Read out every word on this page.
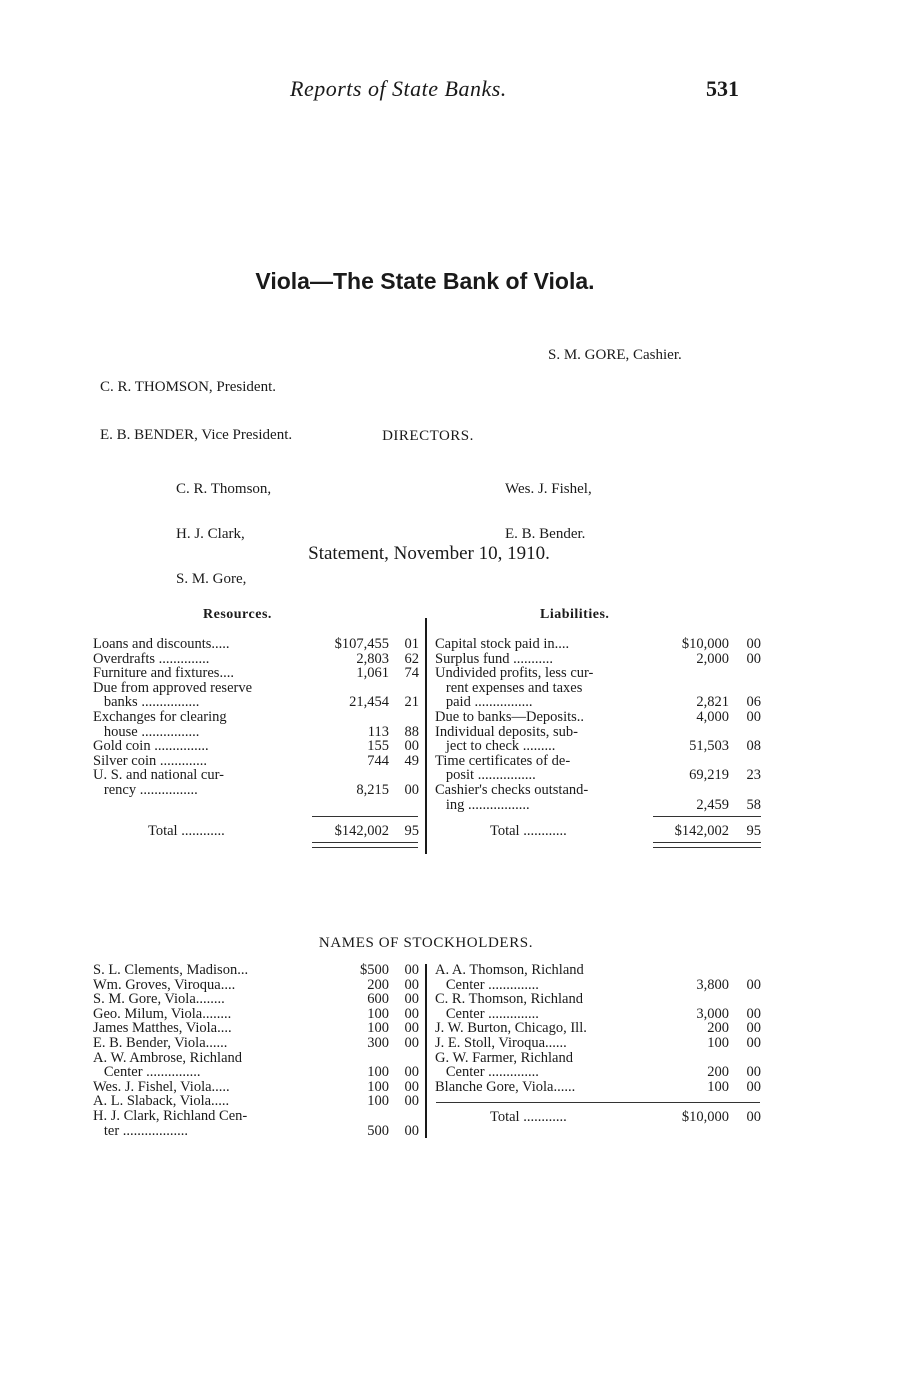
Reports of State Banks.	531
Viola—The State Bank of Viola.

C. R. THOMSON, President.

E. B. BENDER, Vice President.

S. M. GORE, Cashier.
DIRECTORS.

C. R. Thomson,

H. J. Clark,

S. M. Gore,

Wes. J. Fishel,

E. B. Bender.

Statement, November 10, 1910.
Resources.	Liabilities.
Loans and discounts.....	$107,455	01
Overdrafts ..............	2,803	62
Furniture and fixtures....	1,061	74
Due from approved reserve
banks ................	21,454	21
Exchanges for clearing
house ................	113	88
Gold coin ...............	155	00
Silver coin .............	744	49
U. S. and national cur-
rency ................	8,215	00
Capital stock paid in....	$10,000	00
Surplus fund ...........	2,000	00
Undivided profits, less cur-
rent expenses and taxes
paid ................	2,821	06
Due to banks—Deposits..	4,000	00
Individual deposits, sub-
ject to check .........	51,503	08
Time certificates of de-
posit ................	69,219	23
Cashier's checks outstand-
ing .................	2,459	58
Total ............	$142,002	95	Total ............	$142,002	95
NAMES OF STOCKHOLDERS.
S. L. Clements, Madison...	$500	00
Wm. Groves, Viroqua....	200	00
S. M. Gore, Viola........	600	00
Geo. Milum, Viola........	100	00
James Matthes, Viola....	100	00
E. B. Bender, Viola......	300	00
A. W. Ambrose, Richland
Center ...............	100	00
Wes. J. Fishel, Viola.....	100	00
A. L. Slaback, Viola.....	100	00
H. J. Clark, Richland Cen-
ter ..................	500	00
A. A. Thomson, Richland
Center ..............	3,800	00
C. R. Thomson, Richland
Center ..............	3,000	00
J. W. Burton, Chicago, Ill.	200	00
J. E. Stoll, Viroqua......	100	00
G. W. Farmer, Richland
Center ..............	200	00
Blanche Gore, Viola......	100	00
Total ............	$10,000	00
